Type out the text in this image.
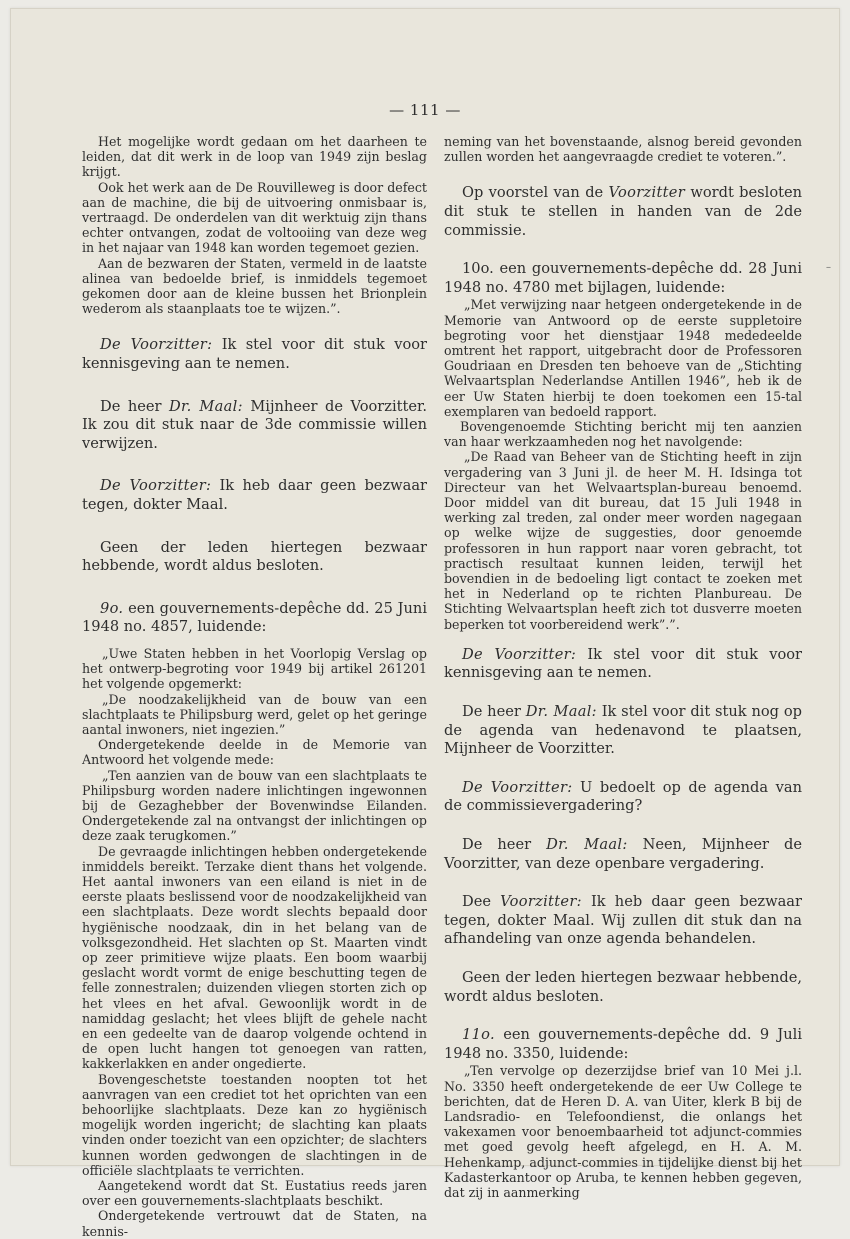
— 111 —

Het mogelijke wordt gedaan om het daarheen te leiden, dat dit werk in de loop van 1949 zijn beslag krijgt.

Ook het werk aan de De Rouvilleweg is door defect aan de machine, die bij de uitvoering onmisbaar is, vertraagd. De onderdelen van dit werktuig zijn thans echter ontvangen, zodat de voltooiing van deze weg in het najaar van 1948 kan worden tegemoet gezien.

Aan de bezwaren der Staten, vermeld in de laatste alinea van bedoelde brief, is inmiddels tegemoet gekomen door aan de kleine bussen het Brionplein wederom als staanplaats toe te wijzen.”.

De Voorzitter: Ik stel voor dit stuk voor kennisgeving aan te nemen.

De heer Dr. Maal: Mijnheer de Voorzitter. Ik zou dit stuk naar de 3de commissie willen verwijzen.

De Voorzitter: Ik heb daar geen bezwaar tegen, dokter Maal.

Geen der leden hiertegen bezwaar hebbende, wordt aldus besloten.

9o. een gouvernements-depêche dd. 25 Juni 1948 no. 4857, luidende:

„Uwe Staten hebben in het Voorlopig Verslag op het ontwerp-begroting voor 1949 bij artikel 261201 het volgende opgemerkt:

„De noodzakelijkheid van de bouw van een slachtplaats te Philipsburg werd, gelet op het geringe aantal inwoners, niet ingezien.”

Ondergetekende deelde in de Memorie van Antwoord het volgende mede:

„Ten aanzien van de bouw van een slachtplaats te Philipsburg worden nadere inlichtingen ingewonnen bij de Gezaghebber der Bovenwindse Eilanden. Ondergetekende zal na ontvangst der inlichtingen op deze zaak terugkomen.”

De gevraagde inlichtingen hebben ondergetekende inmiddels bereikt. Terzake dient thans het volgende. Het aantal inwoners van een eiland is niet in de eerste plaats beslissend voor de noodzakelijkheid van een slachtplaats. Deze wordt slechts bepaald door hygiënische noodzaak, din in het belang van de volksgezondheid. Het slachten op St. Maarten vindt op zeer primitieve wijze plaats. Een boom waarbij geslacht wordt vormt de enige beschutting tegen de felle zonnestralen; duizenden vliegen storten zich op het vlees en het afval. Gewoonlijk wordt in de namiddag geslacht; het vlees blijft de gehele nacht en een gedeelte van de daarop volgende ochtend in de open lucht hangen tot genoegen van ratten, kakkerlakken en ander ongedierte.

Bovengeschetste toestanden noopten tot het aanvragen van een crediet tot het oprichten van een behoorlijke slachtplaats. Deze kan zo hygiënisch mogelijk worden ingericht; de slachting kan plaats vinden onder toezicht van een opzichter; de slachters kunnen worden gedwongen de slachtingen in de officiële slachtplaats te verrichten.

Aangetekend wordt dat St. Eustatius reeds jaren over een gouvernements-slachtplaats beschikt.

Ondergetekende vertrouwt dat de Staten, na kennis-

neming van het bovenstaande, alsnog bereid gevonden zullen worden het aangevraagde crediet te voteren.”.

Op voorstel van de Voorzitter wordt besloten dit stuk te stellen in handen van de 2de commissie.

10o. een gouvernements-depêche dd. 28 Juni 1948 no. 4780 met bijlagen, luidende:

„Met verwijzing naar hetgeen ondergetekende in de Memorie van Antwoord op de eerste suppletoire begroting voor het dienstjaar 1948 mededeelde omtrent het rapport, uitgebracht door de Professoren Goudriaan en Dresden ten behoeve van de „Stichting Welvaartsplan Nederlandse Antillen 1946”, heb ik de eer Uw Staten hierbij te doen toekomen een 15-tal exemplaren van bedoeld rapport.

Bovengenoemde Stichting bericht mij ten aanzien van haar werkzaamheden nog het navolgende:

„De Raad van Beheer van de Stichting heeft in zijn vergadering van 3 Juni jl. de heer M. H. Idsinga tot Directeur van het Welvaartsplan-bureau benoemd. Door middel van dit bureau, dat 15 Juli 1948 in werking zal treden, zal onder meer worden nagegaan op welke wijze de suggesties, door genoemde professoren in hun rapport naar voren gebracht, tot practisch resultaat kunnen leiden, terwijl het bovendien in de bedoeling ligt contact te zoeken met het in Nederland op te richten Planbureau. De Stichting Welvaartsplan heeft zich tot dusverre moeten beperken tot voorbereidend werk”.”.

De Voorzitter: Ik stel voor dit stuk voor kennisgeving aan te nemen.

De heer Dr. Maal: Ik stel voor dit stuk nog op de agenda van hedenavond te plaatsen, Mijnheer de Voorzitter.

De Voorzitter: U bedoelt op de agenda van de commissievergadering?

De heer Dr. Maal: Neen, Mijnheer de Voorzitter, van deze openbare vergadering.

Dee Voorzitter: Ik heb daar geen bezwaar tegen, dokter Maal. Wij zullen dit stuk dan na afhandeling van onze agenda behandelen.

Geen der leden hiertegen bezwaar hebbende, wordt aldus besloten.

11o. een gouvernements-depêche dd. 9 Juli 1948 no. 3350, luidende:

„Ten vervolge op dezerzijdse brief van 10 Mei j.l. No. 3350 heeft ondergetekende de eer Uw College te berichten, dat de Heren D. A. van Uiter, klerk B bij de Landsradio- en Telefoondienst, die onlangs het vakexamen voor benoembaarheid tot adjunct-commies met goed gevolg heeft afgelegd, en H. A. M. Hehenkamp, adjunct-commies in tijdelijke dienst bij het Kadasterkantoor op Aruba, te kennen hebben gegeven, dat zij in aanmerking

–
